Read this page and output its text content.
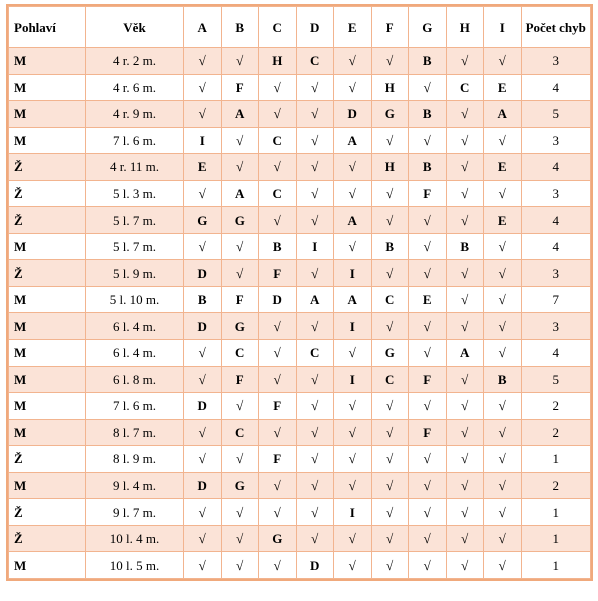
Pohlaví	Věk	A	B	C	D	E	F	G	H	I	Počet chyb
M	4 r. 2 m.	√	√	H	C	√	√	B	√	√	3
M	4 r. 6 m.	√	F	√	√	√	H	√	C	E	4
M	4 r. 9 m.	√	A	√	√	D	G	B	√	A	5
M	7 l. 6 m.	I	√	C	√	A	√	√	√	√	3
Ž	4 r. 11 m.	E	√	√	√	√	H	B	√	E	4
Ž	5 l. 3 m.	√	A	C	√	√	√	F	√	√	3
Ž	5 l. 7 m.	G	G	√	√	A	√	√	√	E	4
M	5 l. 7 m.	√	√	B	I	√	B	√	B	√	4
Ž	5 l. 9 m.	D	√	F	√	I	√	√	√	√	3
M	5 l. 10 m.	B	F	D	A	A	C	E	√	√	7
M	6 l. 4 m.	D	G	√	√	I	√	√	√	√	3
M	6 l. 4 m.	√	C	√	C	√	G	√	A	√	4
M	6 l. 8 m.	√	F	√	√	I	C	F	√	B	5
M	7 l. 6 m.	D	√	F	√	√	√	√	√	√	2
M	8 l. 7 m.	√	C	√	√	√	√	F	√	√	2
Ž	8 l. 9 m.	√	√	F	√	√	√	√	√	√	1
M	9 l. 4 m.	D	G	√	√	√	√	√	√	√	2
Ž	9 l. 7 m.	√	√	√	√	I	√	√	√	√	1
Ž	10 l. 4 m.	√	√	G	√	√	√	√	√	√	1
M	10 l. 5 m.	√	√	√	D	√	√	√	√	√	1
